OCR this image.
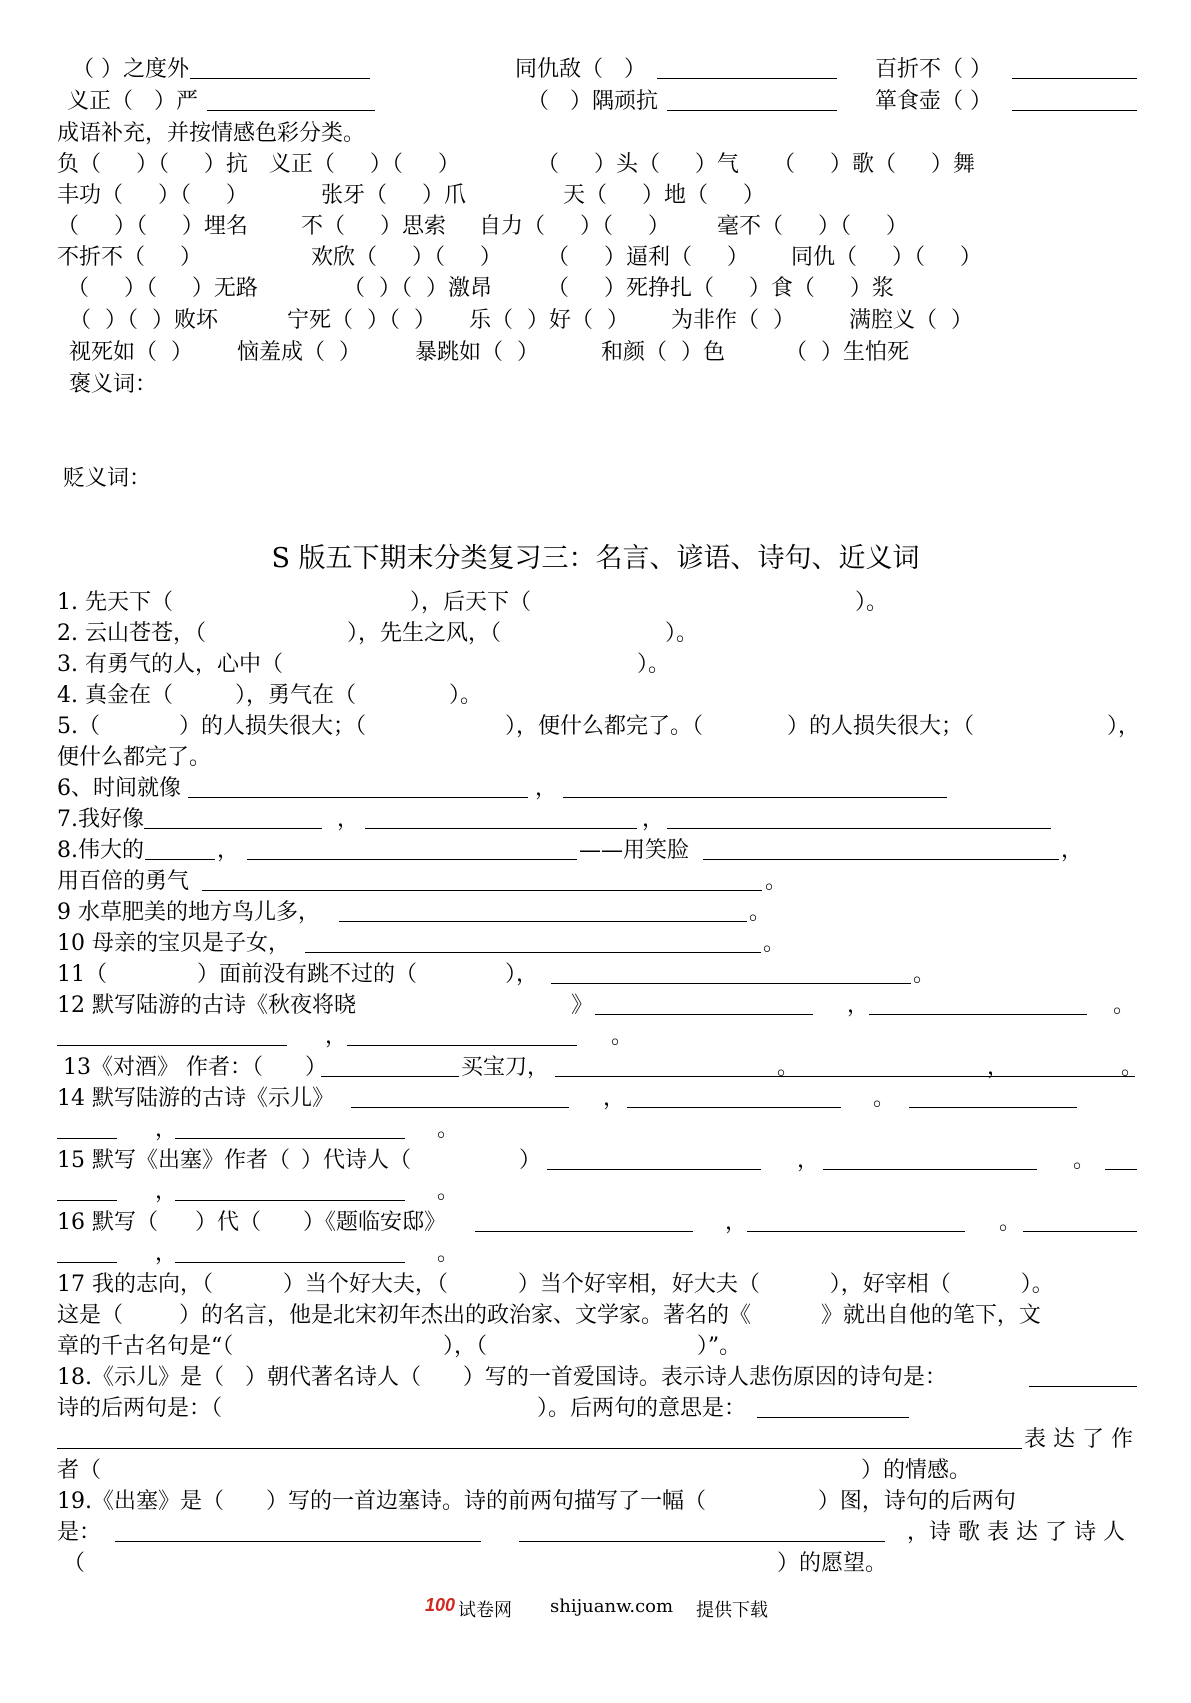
（ ）之度外

	同仇敌（   ）

	百折不（ ）

义正（   ）严

	（   ）隅顽抗

	箪食壶（ ）

成语补充，并按情感色彩分类。

负（     ）（     ）抗   义正（     ）（     ）

	（     ）头（     ）气

（     ）歌（     ）舞

丰功（     ）（     ）

	张牙（     ）爪

	天（     ）地（     ）

（     ）（     ）埋名

不（     ）思索

自力（     ）（     ）

毫不（     ）（     ）

不折不（     ）

	欢欣（     ）（     ）

（     ）逼利（     ）

同仇（     ）（     ）

（     ）（     ）无路

	（  ）（  ）激昂

	（     ）死挣扎（     ）食（     ）浆

（  ）（  ）败坏

	宁死（  ）（  ）

乐（  ）好（  ）

为非作（  ）

满腔义（  ）

视死如（  ）

恼羞成（  ）

暴跳如（  ）

	和颜（  ）色

	（  ）生怕死

褒义词：
贬义词：
S 版五下期末分类复习三：名言、谚语、诗句、近义词

1. 先天下（

	），后天下（

	）。

2. 云山苍苍，（

	），先生之风，（

	）。

3. 有勇气的人，心中（

	）。

4. 真金在（

	），勇气在（

	）。

5.（

	）的人损失很大；（

	），便什么都完了。（

	）的人损失很大；（

	），

便什么都完了。

6、时间就像

	，

7.我好像

	，

	，

8.伟大的

	，

	——用笑脸

	，

用百倍的勇气

	。

9 水草肥美的地方鸟儿多，

	。

10 母亲的宝贝是子女，

	。

11（

	）面前没有跳不过的（

	），

	。

12 默写陆游的古诗《秋夜将晓

	》

	，

	。

，

	。

13《对酒》 作者：（

）

	买宝刀，

	。

	，

	。

14 默写陆游的古诗《示儿》

	，

	。

，

	。

15 默写《出塞》作者（

）代诗人（

	）

	，

	。

，

	。

16 默写（

）代（

）《题临安邸》

	，

	。

，

	。

17 我的志向，（          ）当个好大夫，（          ）当个好宰相，好大夫（          ），好宰相（          ）。
这是（        ）的名言，他是北宋初年杰出的政治家、文学家。著名的《          》就出自他的笔下，文
章的千古名句是“（                              ），（                              ）”。

18.《示儿》是（   ）朝代著名诗人（      ）写的一首爱国诗。表示诗人悲伤原因的诗句是：

诗的后两句是：（

	）。后两句的意思是：

表 达 了 作

者（

	）的情感。

19.《出塞》是（      ）写的一首边塞诗。诗的前两句描写了一幅（                ）图，诗句的后两句

是：

	，诗 歌 表 达 了 诗 人

（

	）的愿望。

100 试卷网 shijuanw.com 提供下载
